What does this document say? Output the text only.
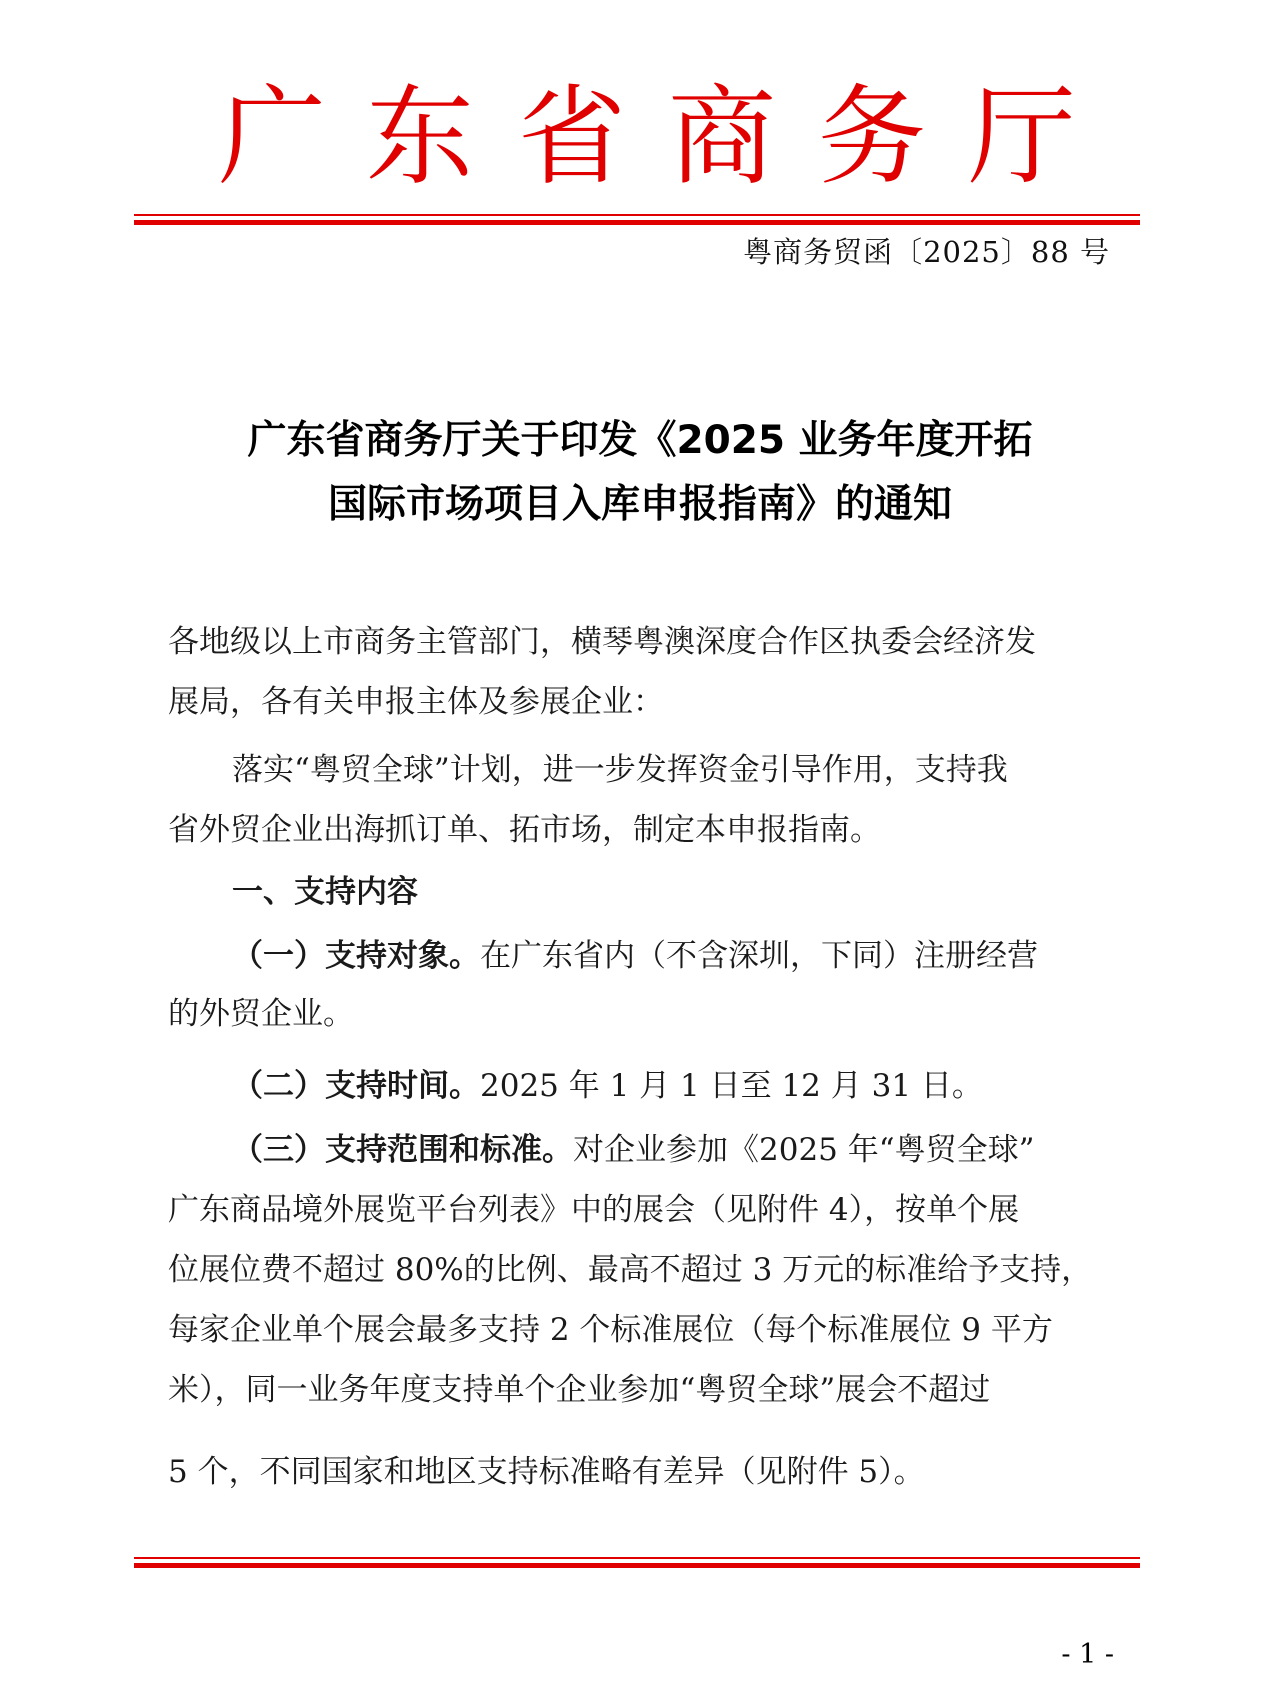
广 东 省 商 务 厅
粤商务贸函〔2025〕88 号
广东省商务厅关于印发《2025 业务年度开拓
国际市场项目入库申报指南》的通知
各地级以上市商务主管部门，横琴粤澳深度合作区执委会经济发
展局，各有关申报主体及参展企业：
落实“粤贸全球”计划，进一步发挥资金引导作用，支持我
省外贸企业出海抓订单、拓市场，制定本申报指南。
一、支持内容
（一）支持对象。在广东省内（不含深圳，下同）注册经营
的外贸企业。
（二）支持时间。2025 年 1 月 1 日至 12 月 31 日。
（三）支持范围和标准。对企业参加《2025 年“粤贸全球”
广东商品境外展览平台列表》中的展会（见附件 4），按单个展
位展位费不超过 80%的比例、最高不超过 3 万元的标准给予支持，
每家企业单个展会最多支持 2 个标准展位（每个标准展位 9 平方
米），同一业务年度支持单个企业参加“粤贸全球”展会不超过
5 个，不同国家和地区支持标准略有差异（见附件 5）。
- 1 -
